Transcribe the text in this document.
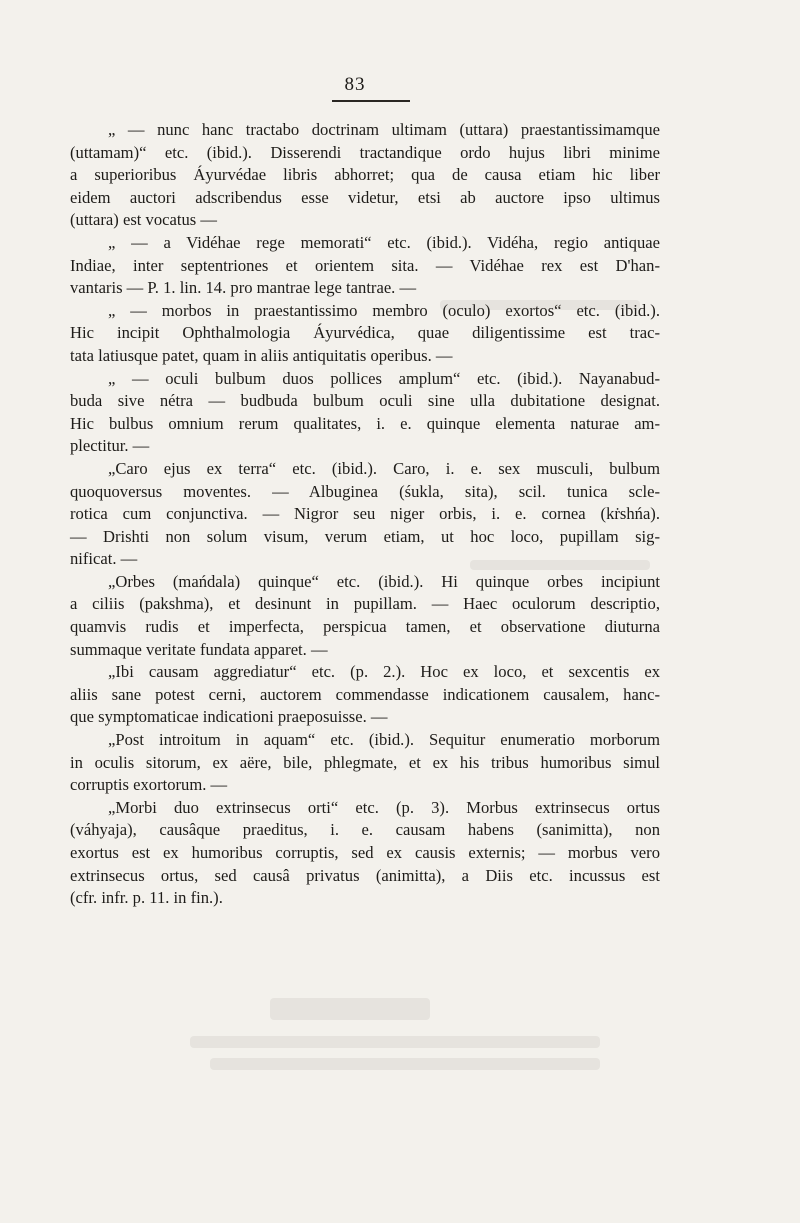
83
„ — nunc hanc tractabo doctrinam ultimam (uttara) praestantissimamque
(uttamam)“ etc. (ibid.). Disserendi tractandique ordo hujus libri minime
a superioribus Áyurvédae libris abhorret; qua de causa etiam hic liber
eidem auctori adscribendus esse videtur, etsi ab auctore ipso ultimus
(uttara) est vocatus —
„ — a Vidéhae rege memorati“ etc. (ibid.). Vidéha, regio antiquae
Indiae, inter septentriones et orientem sita. — Vidéhae rex est D'han-
vantaris — P. 1. lin. 14. pro mantrae lege tantrae. —
„ — morbos in praestantissimo membro (oculo) exortos“ etc. (ibid.).
Hic incipit Ophthalmologia Áyurvédica, quae diligentissime est trac-
tata latiusque patet, quam in aliis antiquitatis operibus. —
„ — oculi bulbum duos pollices amplum“ etc. (ibid.). Nayanabud-
buda sive nétra — budbuda bulbum oculi sine ulla dubitatione designat.
Hic bulbus omnium rerum qualitates, i. e. quinque elementa naturae am-
plectitur. —
„Caro ejus ex terra“ etc. (ibid.). Caro, i. e. sex musculi, bulbum
quoquoversus moventes. — Albuginea (śukla, sita), scil. tunica scle-
rotica cum conjunctiva. — Nigror seu niger orbis, i. e. cornea (kṙshńa).
— Drishti non solum visum, verum etiam, ut hoc loco, pupillam sig-
nificat. —
„Orbes (mańdala) quinque“ etc. (ibid.). Hi quinque orbes incipiunt
a ciliis (pakshma), et desinunt in pupillam. — Haec oculorum descriptio,
quamvis rudis et imperfecta, perspicua tamen, et observatione diuturna
summaque veritate fundata apparet. —
„Ibi causam aggrediatur“ etc. (p. 2.). Hoc ex loco, et sexcentis ex
aliis sane potest cerni, auctorem commendasse indicationem causalem, hanc-
que symptomaticae indicationi praeposuisse. —
„Post introitum in aquam“ etc. (ibid.). Sequitur enumeratio morborum
in oculis sitorum, ex aëre, bile, phlegmate, et ex his tribus humoribus simul
corruptis exortorum. —
„Morbi duo extrinsecus orti“ etc. (p. 3). Morbus extrinsecus ortus
(váhyaja), causâque praeditus, i. e. causam habens (sanimitta), non
exortus est ex humoribus corruptis, sed ex causis externis; — morbus vero
extrinsecus ortus, sed causâ privatus (animitta), a Diis etc. incussus est
(cfr. infr. p. 11. in fin.).
